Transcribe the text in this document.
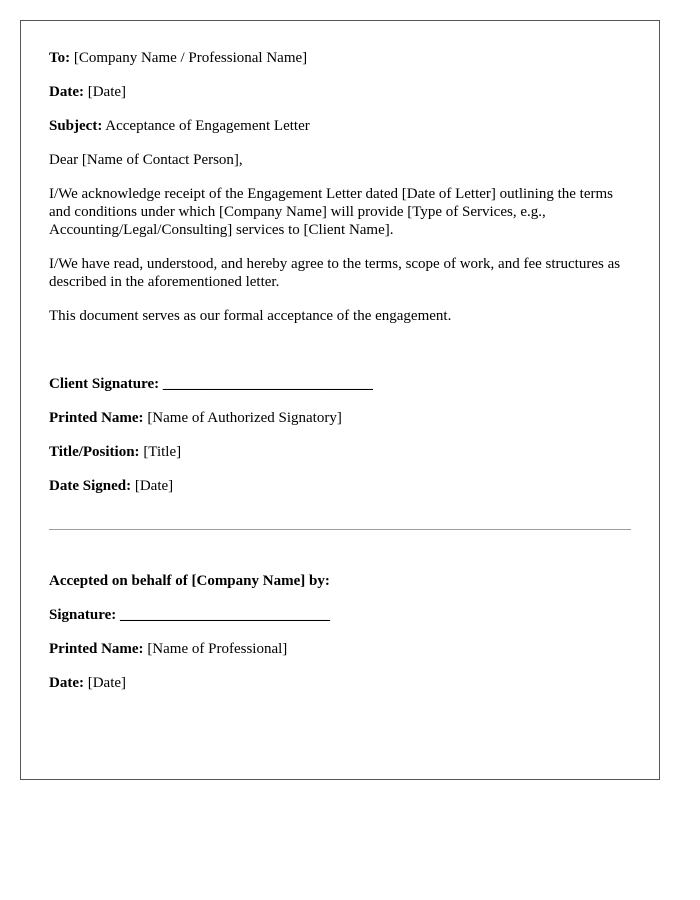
To: [Company Name / Professional Name]
Date: [Date]
Subject: Acceptance of Engagement Letter

Dear [Name of Contact Person],

I/We acknowledge receipt of the Engagement Letter dated [Date of Letter] outlining the terms and conditions under which [Company Name] will provide [Type of Services, e.g., Accounting/Legal/Consulting] services to [Client Name].

I/We have read, understood, and hereby agree to the terms, scope of work, and fee structures as described in the aforementioned letter.

This document serves as our formal acceptance of the engagement.

Client Signature: ____________________________
Printed Name: [Name of Authorized Signatory]
Title/Position: [Title]
Date Signed: [Date]
Accepted on behalf of [Company Name] by:
Signature: ____________________________
Printed Name: [Name of Professional]
Date: [Date]
